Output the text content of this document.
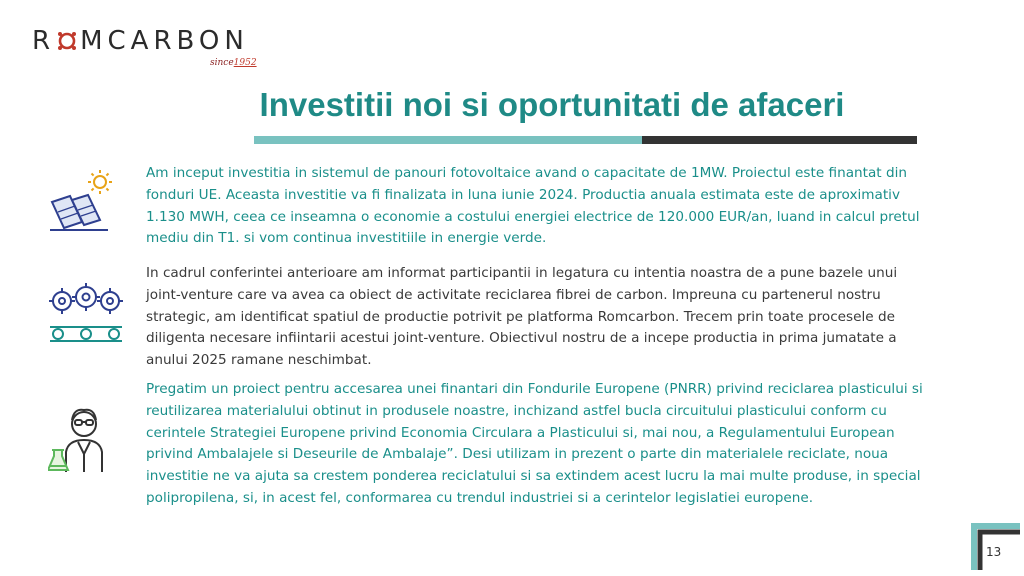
R MCARBON
since1952
Investitii noi si oportunitati de afaceri

Am inceput investitia in sistemul de panouri fotovoltaice avand o capacitate de 1MW. Proiectul este finantat din fonduri UE. Aceasta investitie va fi finalizata in luna iunie 2024. Productia anuala estimata este de aproximativ 1.130 MWH, ceea ce inseamna o economie a costului energiei electrice de 120.000 EUR/an, luand in calcul pretul mediu din T1. si vom continua investitiile in energie verde.

In cadrul conferintei anterioare am informat participantii in legatura cu intentia noastra de a pune bazele unui joint-venture care va avea ca obiect de activitate reciclarea fibrei de carbon. Impreuna cu partenerul nostru strategic, am identificat spatiul de productie potrivit pe platforma Romcarbon. Trecem prin toate procesele de diligenta necesare infiintarii acestui joint-venture. Obiectivul nostru de a incepe productia in prima jumatate a anului 2025 ramane neschimbat.

Pregatim un proiect pentru accesarea unei finantari din Fondurile Europene (PNRR) privind reciclarea plasticului si reutilizarea materialului obtinut in produsele noastre, inchizand astfel bucla circuitului plasticului conform cu cerintele Strategiei Europene privind Economia Circulara a Plasticului si, mai nou, a Regulamentului European privind Ambalajele si Deseurile de Ambalaje”. Desi utilizam in prezent o parte din materialele reciclate, noua investitie ne va ajuta sa crestem ponderea reciclatului si sa extindem acest lucru la mai multe produse, in special polipropilena, si, in acest fel, conformarea cu trendul industriei si a cerintelor legislatiei europene.

13
